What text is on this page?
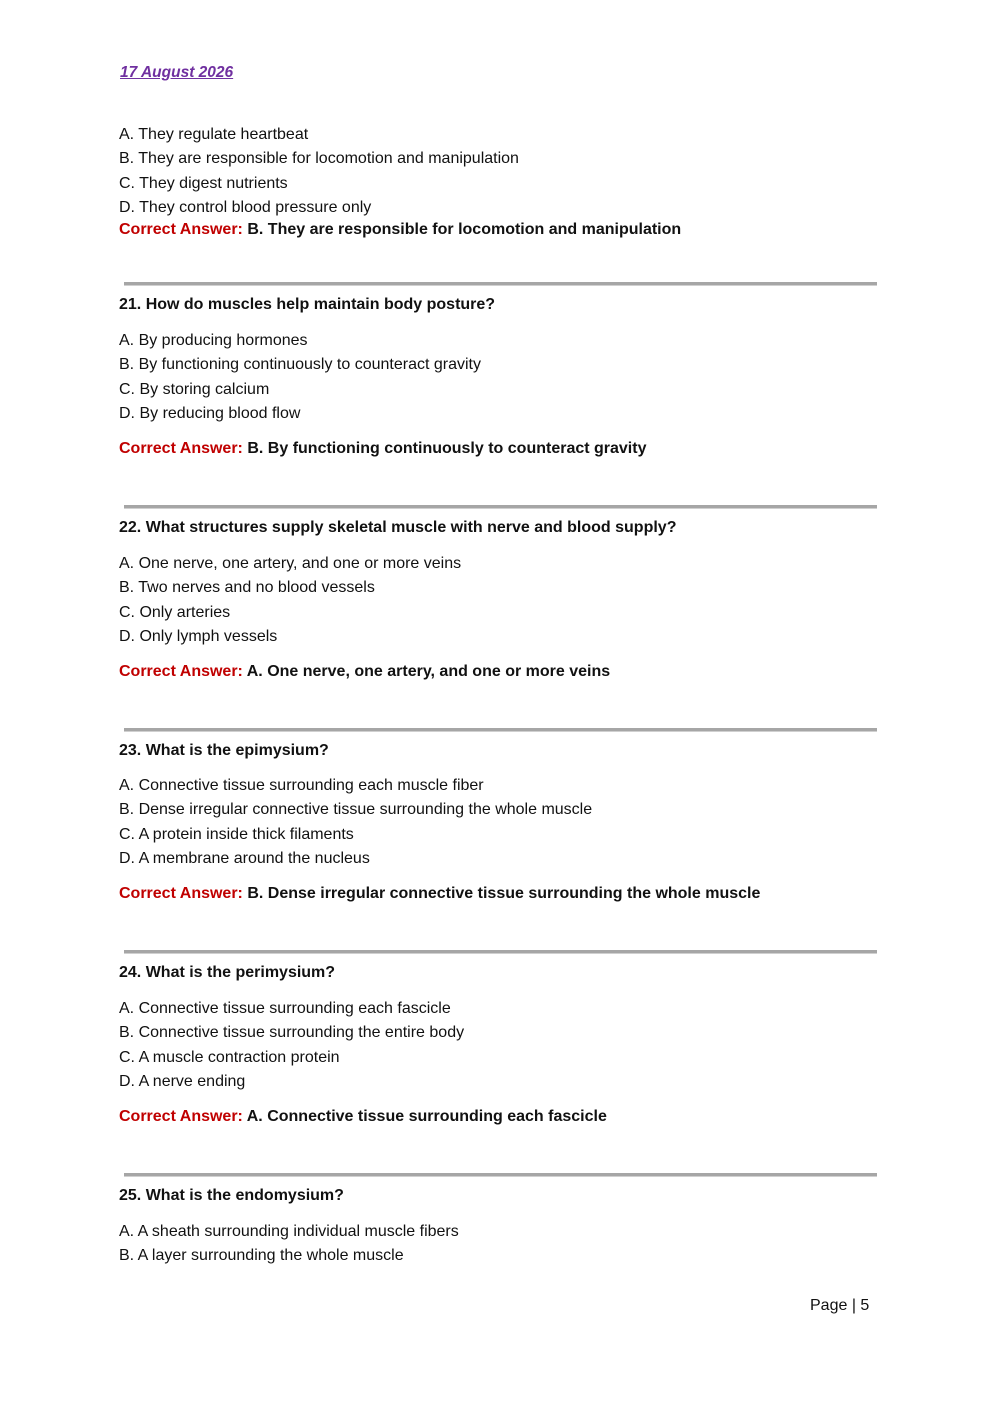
17 August 2026
A. They regulate heartbeat
B. They are responsible for locomotion and manipulation
C. They digest nutrients
D. They control blood pressure only
Correct Answer: B. They are responsible for locomotion and manipulation
21. How do muscles help maintain body posture?
A. By producing hormones
B. By functioning continuously to counteract gravity
C. By storing calcium
D. By reducing blood flow
Correct Answer: B. By functioning continuously to counteract gravity
22. What structures supply skeletal muscle with nerve and blood supply?
A. One nerve, one artery, and one or more veins
B. Two nerves and no blood vessels
C. Only arteries
D. Only lymph vessels
Correct Answer: A. One nerve, one artery, and one or more veins
23. What is the epimysium?
A. Connective tissue surrounding each muscle fiber
B. Dense irregular connective tissue surrounding the whole muscle
C. A protein inside thick filaments
D. A membrane around the nucleus
Correct Answer: B. Dense irregular connective tissue surrounding the whole muscle
24. What is the perimysium?
A. Connective tissue surrounding each fascicle
B. Connective tissue surrounding the entire body
C. A muscle contraction protein
D. A nerve ending
Correct Answer: A. Connective tissue surrounding each fascicle
25. What is the endomysium?
A. A sheath surrounding individual muscle fibers
B. A layer surrounding the whole muscle
Page | 5
